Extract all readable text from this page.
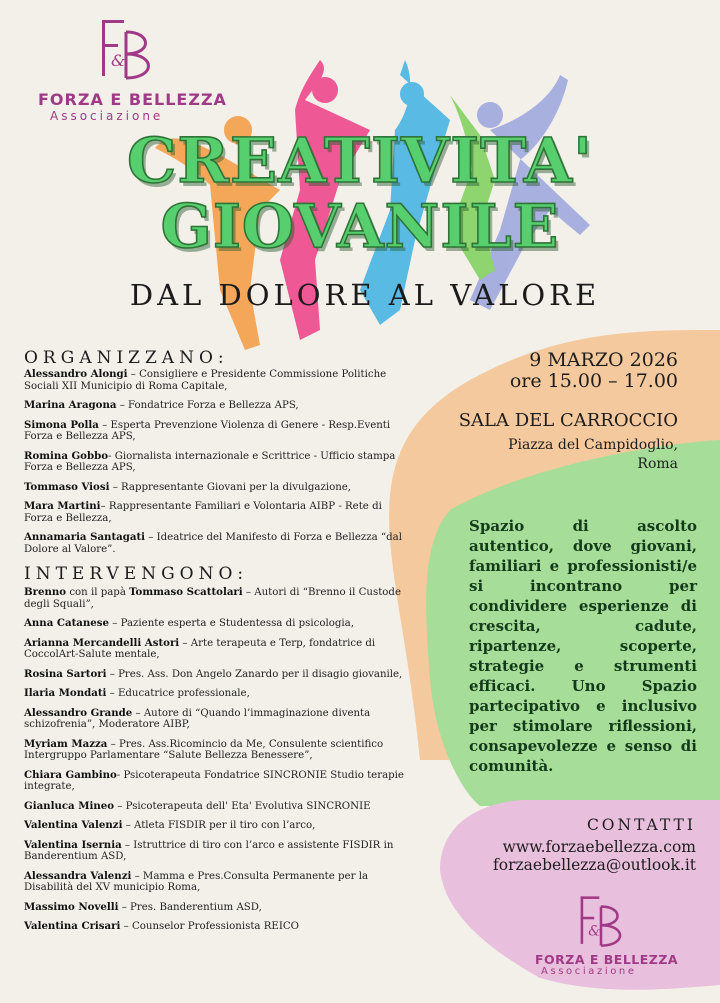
&
FORZA E BELLEZZA
Associazione
CREATIVITA'
GIOVANILE
DAL DOLORE AL VALORE
ORGANIZZANO:

Alessandro Alongi – Consigliere e Presidente Commissione Politiche Sociali XII Municipio di Roma Capitale,

Marina Aragona – Fondatrice Forza e Bellezza APS,

Simona Polla – Esperta Prevenzione Violenza di Genere - Resp.Eventi Forza e Bellezza APS,

Romina Gobbo- Giornalista internazionale e Scrittrice - Ufficio stampa Forza e Bellezza APS,

Tommaso Viosi – Rappresentante Giovani per la divulgazione,

Mara Martini– Rappresentante Familiari e Volontaria AIBP - Rete di Forza e Bellezza,

Annamaria Santagati – Ideatrice del Manifesto di Forza e Bellezza “dal Dolore al Valore”.

INTERVENGONO:

Brenno con il papà Tommaso Scattolari – Autori di “Brenno il Custode degli Squali”,

Anna Catanese – Paziente esperta e Studentessa di psicologia,

Arianna Mercandelli Astori – Arte terapeuta e Terp, fondatrice di CoccolArt-Salute mentale,

Rosina Sartori – Pres. Ass. Don Angelo Zanardo per il disagio giovanile,

Ilaria Mondati – Educatrice professionale,

Alessandro Grande – Autore di “Quando l’immaginazione diventa schizofrenia”, Moderatore AIBP,

Myriam Mazza – Pres. Ass.Ricomincio da Me, Consulente scientifico Intergruppo Parlamentare “Salute Bellezza Benessere”,

Chiara Gambino- Psicoterapeuta Fondatrice SINCRONIE Studio terapie integrate,

Gianluca Mineo – Psicoterapeuta dell' Eta' Evolutiva SINCRONIE

Valentina Valenzi – Atleta FISDIR per il tiro con l’arco,

Valentina Isernia – Istruttrice di tiro con l’arco e assistente FISDIR in Banderentium ASD,

Alessandra Valenzi – Mamma e Pres.Consulta Permanente per la Disabilità del XV municipio Roma,

Massimo Novelli – Pres. Banderentium ASD,

Valentina Crisari – Counselor Professionista REICO

9 MARZO 2026
ore 15.00 – 17.00
SALA DEL CARROCCIO
Piazza del Campidoglio,
Roma
Spazio di ascolto autentico, dove giovani, familiari e professionisti/e si incontrano per condividere esperienze di crescita, cadute, ripartenze, scoperte, strategie e strumenti efficaci. Uno Spazio partecipativo e inclusivo per stimolare riflessioni, consapevolezze e senso di comunità.
CONTATTI
www.forzaebellezza.com
forzaebellezza@outlook.it
&
FORZA E BELLEZZA
Associazione
